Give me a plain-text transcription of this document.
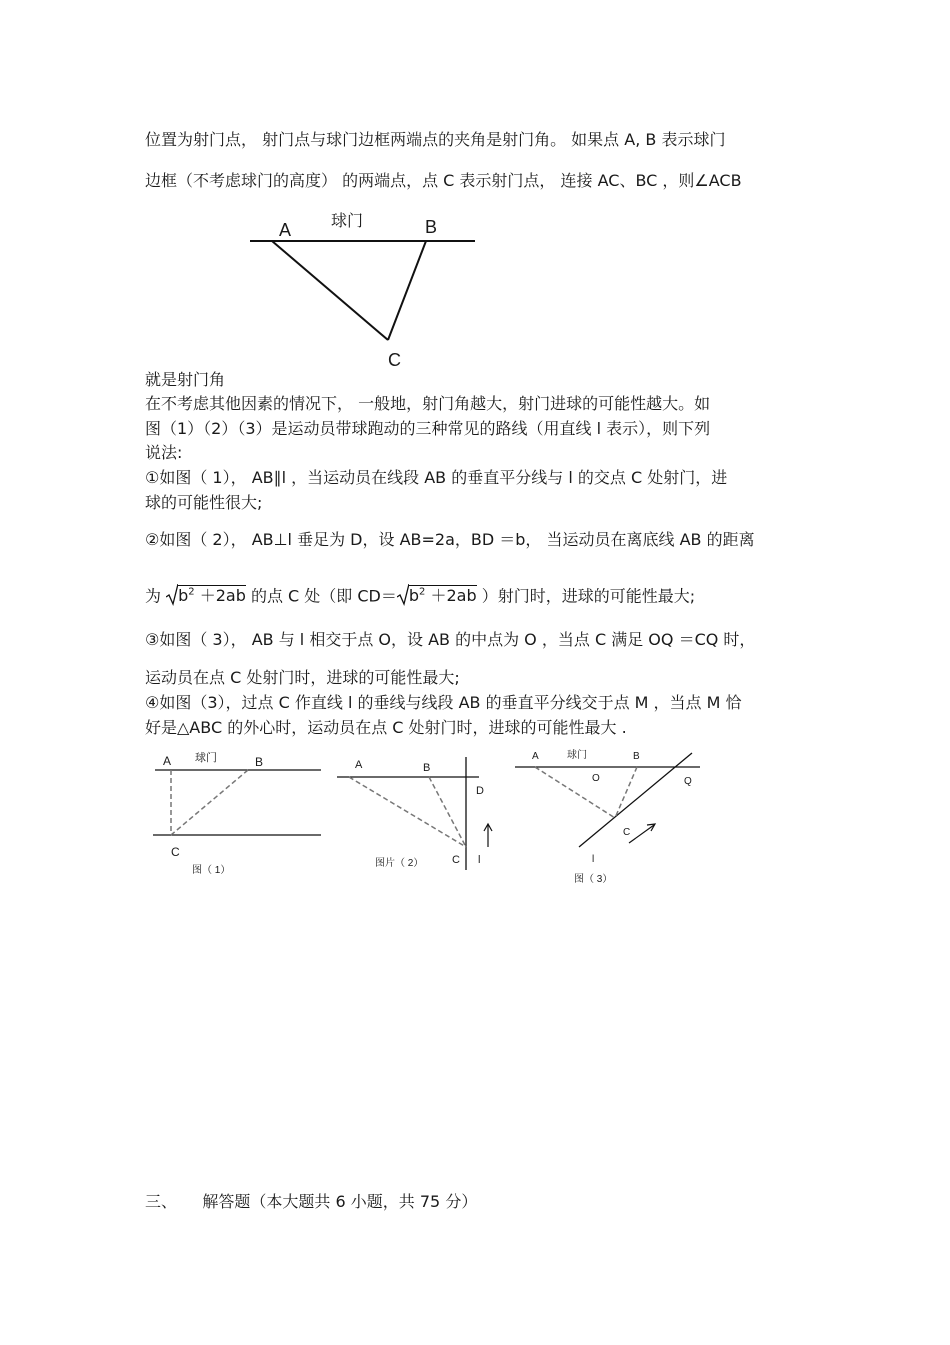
位置为射门点， 射门点与球门边框两端点的夹角是射门角。 如果点 A, B 表示球门
边框（不考虑球门的高度） 的两端点，点 C 表示射门点， 连接 AC、BC ，则∠ACB
A	B
C
球门
就是射门角
在不考虑其他因素的情况下， 一般地，射门角越大，射门进球的可能性越大。如
图（1）（2）（3）是运动员带球跑动的三种常见的路线（用直线 l 表示），则下列
说法:
①如图（ 1）， AB∥l ，当运动员在线段 AB 的垂直平分线与 l 的交点 C 处射门，进
球的可能性很大;
②如图（ 2）， AB⊥l 垂足为 D，设 AB=2a，BD ＝b， 当运动员在离底线 AB 的距离
为 $b^2 +2ab$ 的点 C 处（即 $CD= b^2 +2ab$ ）射门时，进球的可能性最大;
③如图（ 3）， AB 与 l 相交于点 O，设 AB 的中点为 O ，当点 C 满足 OQ ＝CQ 时，
运动员在点 C 处射门时，进球的可能性最大;
④如图（3），过点 C 作直线 l 的垂线与线段 AB 的垂直平分线交于点 M ，当点 M 恰
好是△ABC 的外心时，运动员在点 C 处射门时，进球的可能性最大 .
A	B
C
球门
图（ 1）
A	B
D
C l
图片（ 2）
A	球门	B
O	Q
C
l
图（ 3）
三、     解答题（本大题共 6 小题，共 75 分）
